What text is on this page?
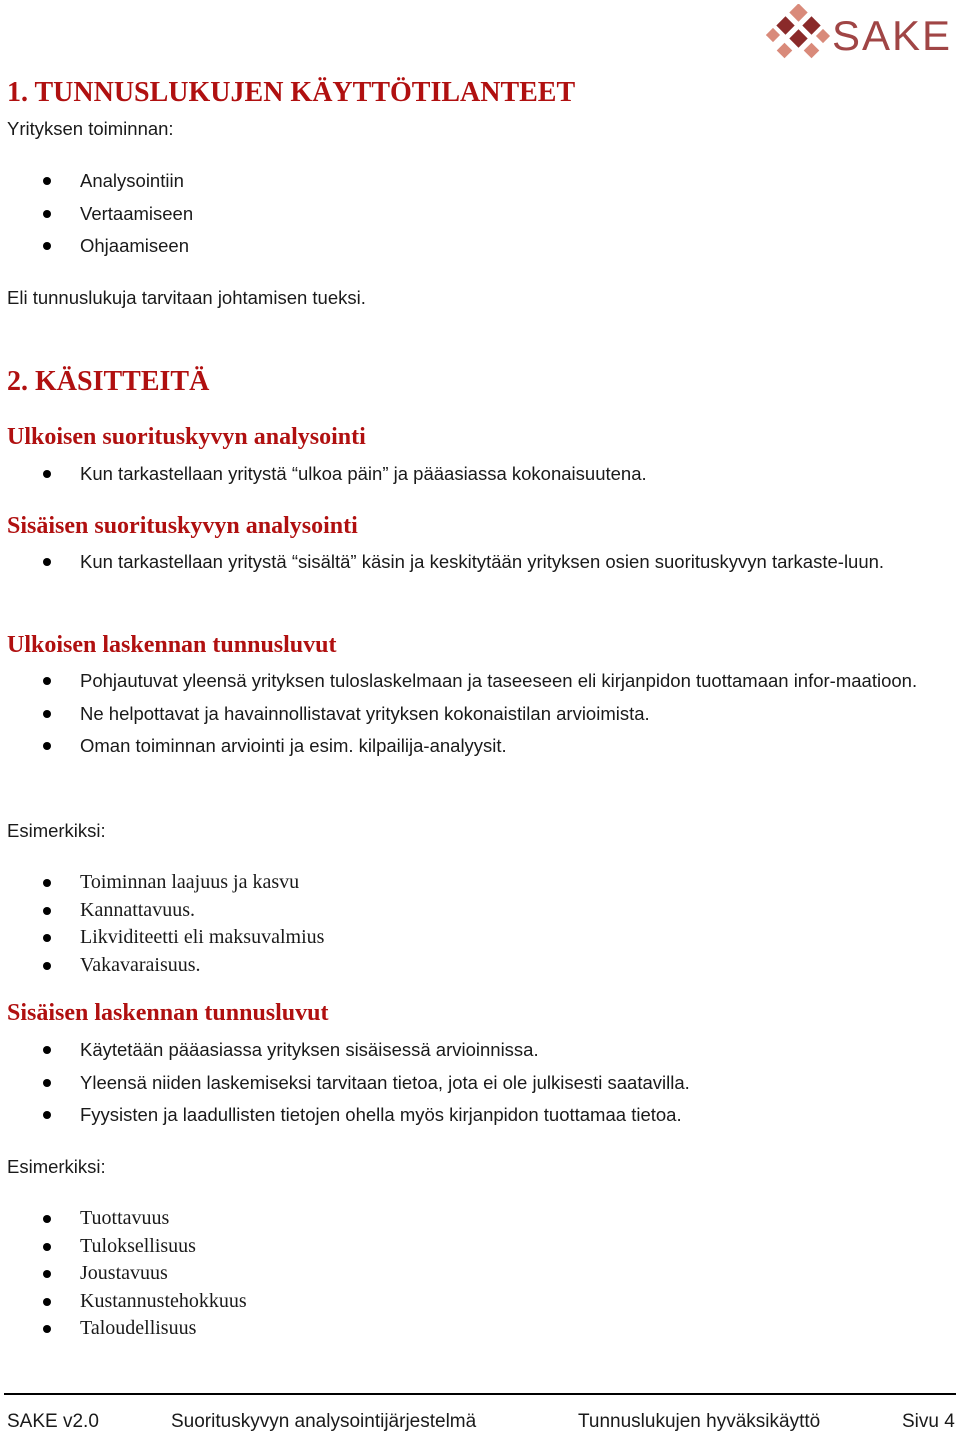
SAKE
1. TUNNUSLUKUJEN KÄYTTÖTILANTEET
Yrityksen toiminnan:
Analysointiin
Vertaamiseen
Ohjaamiseen
Eli tunnuslukuja tarvitaan johtamisen tueksi.
2. KÄSITTEITÄ
Ulkoisen suorituskyvyn analysointi
Kun tarkastellaan yritystä “ulkoa päin” ja pääasiassa kokonaisuutena.
Sisäisen suorituskyvyn analysointi
Kun tarkastellaan yritystä “sisältä” käsin ja keskitytään yrityksen osien suorituskyvyn tarkaste-luun.
Ulkoisen laskennan tunnusluvut
Pohjautuvat yleensä yrityksen tuloslaskelmaan ja taseeseen eli kirjanpidon tuottamaan infor-maatioon.
Ne helpottavat ja havainnollistavat yrityksen kokonaistilan arvioimista.
Oman toiminnan arviointi ja esim. kilpailija-analyysit.
Esimerkiksi:
Toiminnan laajuus ja kasvu
Kannattavuus.
Likviditeetti eli maksuvalmius
Vakavaraisuus.
Sisäisen laskennan tunnusluvut
Käytetään pääasiassa yrityksen sisäisessä arvioinnissa.
Yleensä niiden laskemiseksi tarvitaan tietoa, jota ei ole julkisesti saatavilla.
Fyysisten ja laadullisten tietojen ohella myös kirjanpidon tuottamaa tietoa.
Esimerkiksi:
Tuottavuus
Tuloksellisuus
Joustavuus
Kustannustehokkuus
Taloudellisuus
SAKE v2.0	Suorituskyvyn analysointijärjestelmä	Tunnuslukujen hyväksikäyttö	Sivu 4
